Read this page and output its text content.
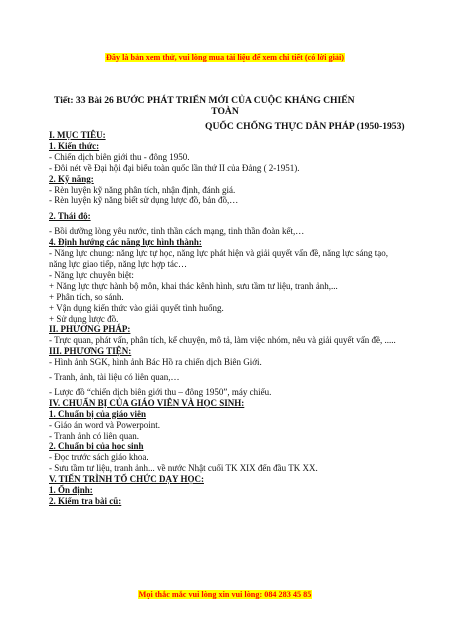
Đây là bản xem thử, vui lòng mua tài liệu để xem chi tiết (có lời giải)
Tiết: 33 Bài 26 BƯỚC PHÁT TRIỂN MỚI CỦA CUỘC KHÁNG CHIẾN
TOÀN
QUỐC CHỐNG THỰC DÂN PHÁP (1950-1953)
I. MỤC TIÊU:
1. Kiến thức:
- Chiến dịch biên giới thu - đông 1950.
- Đôi nét về Đại hội đại biểu toàn quốc lần thứ II của Đảng ( 2-1951).
2. Kỹ năng:
- Rèn luyện kỹ năng phân tích, nhận định, đánh giá.
- Rèn luyện kỹ năng biết sử dụng lược đồ, bản đồ,…
2. Thái độ:
- Bồi dưỡng lòng yêu nước, tinh thần cách mạng, tinh thần đoàn kết,…
4. Định hướng các năng lực hình thành:
- Năng lực chung: năng lực tự học, năng lực phát hiện và giải quyết vấn đề, năng lực sáng tạo, năng lực giao tiếp, năng lực hợp tác…
- Năng lực chuyên biệt:
+ Năng lực thực hành bộ môn, khai thác kênh hình, sưu tầm tư liệu, tranh ảnh,...
+ Phân tích, so sánh.
+ Vận dụng kiến thức vào giải quyết tình huống.
+ Sử dụng lược đồ.
II. PHƯƠNG PHÁP:
- Trực quan, phát vấn, phân tích, kể chuyện, mô tả, làm việc nhóm, nêu và giải quyết vấn đề, .....
III. PHƯƠNG TIỆN:
- Hình ảnh SGK, hình ảnh Bác Hồ ra chiến dịch Biên Giới.
- Tranh, ảnh, tài liệu có liên quan,…
- Lược đồ “chiến dịch biên giới thu – đông 1950”, máy chiếu.
IV. CHUẨN BỊ CỦA GIÁO VIÊN VÀ HỌC SINH:
1. Chuẩn bị của giáo viên
- Giáo án word và Powerpoint.
- Tranh ảnh có liên quan.
2. Chuẩn bị của học sinh
- Đọc trước sách giáo khoa.
- Sưu tầm tư liệu, tranh ảnh... về nước Nhật cuối TK XIX đến đầu TK XX.
V. TIẾN TRÌNH TỔ CHỨC DẠY HỌC:
1. Ổn định:
2. Kiểm tra bài cũ:
Mọi thắc mắc vui lòng xin vui lòng: 084 283 45 85
